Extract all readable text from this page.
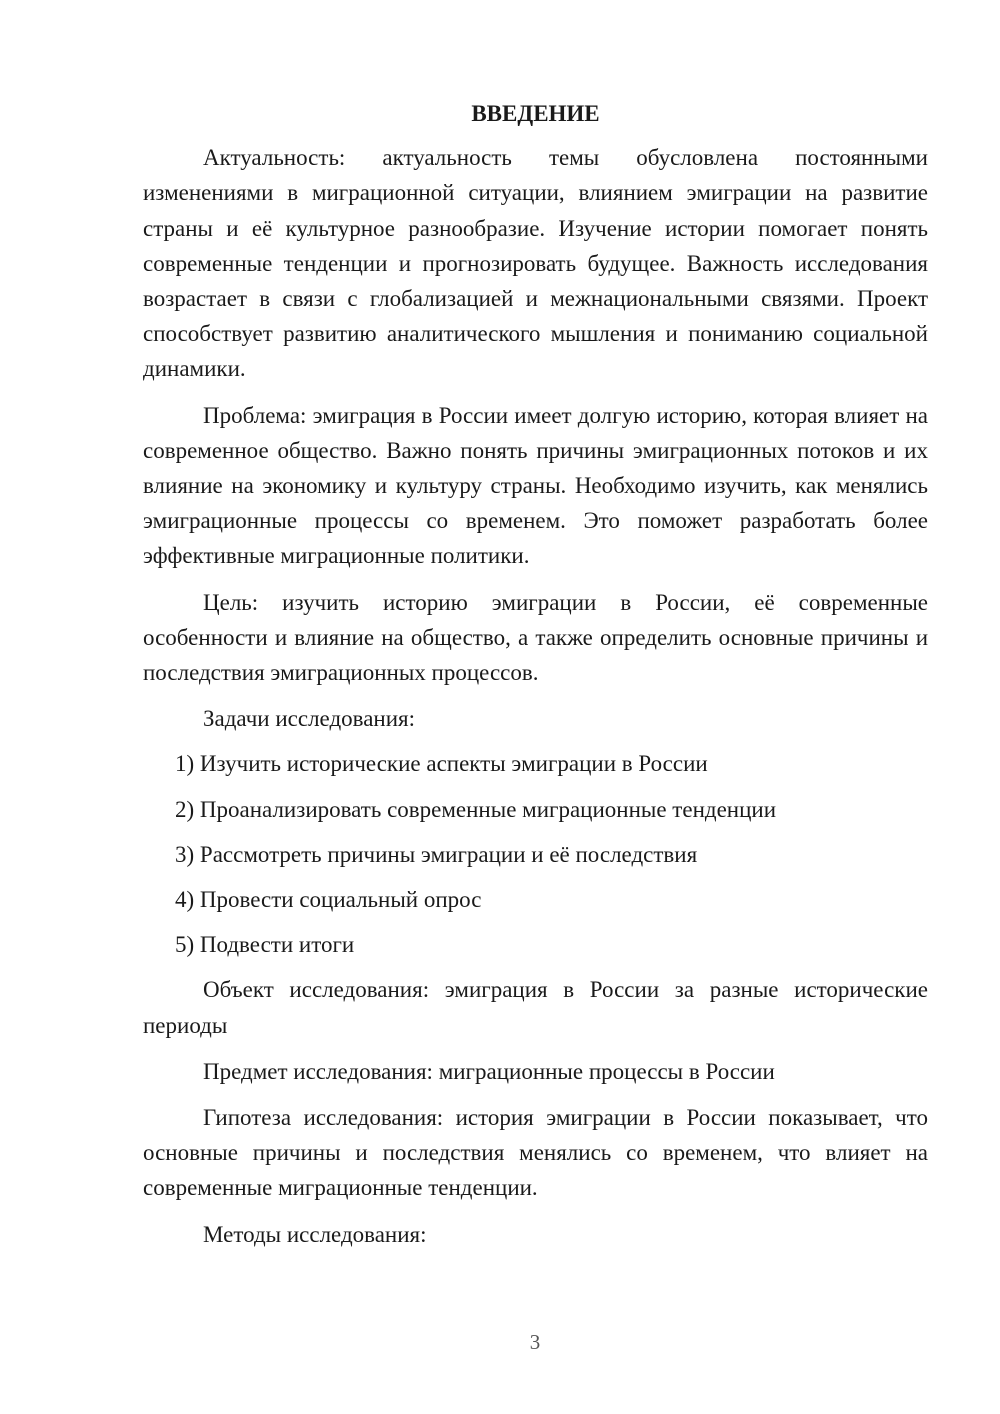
ВВЕДЕНИЕ

Актуальность: актуальность темы обусловлена постоянными изменениями в миграционной ситуации, влиянием эмиграции на развитие страны и её культурное разнообразие. Изучение истории помогает понять современные тенденции и прогнозировать будущее. Важность исследования возрастает в связи с глобализацией и межнациональными связями. Проект способствует развитию аналитического мышления и пониманию социальной динамики.

Проблема: эмиграция в России имеет долгую историю, которая влияет на современное общество. Важно понять причины эмиграционных потоков и их влияние на экономику и культуру страны. Необходимо изучить, как менялись эмиграционные процессы со временем. Это поможет разработать более эффективные миграционные политики.

Цель: изучить историю эмиграции в России, её современные особенности и влияние на общество, а также определить основные причины и последствия эмиграционных процессов.

Задачи исследования:

1) Изучить исторические аспекты эмиграции в России
2) Проанализировать современные миграционные тенденции
3) Рассмотреть причины эмиграции и её последствия
4) Провести социальный опрос
5) Подвести итоги

Объект исследования: эмиграция в России за разные исторические периоды

Предмет исследования: миграционные процессы в России

Гипотеза исследования: история эмиграции в России показывает, что основные причины и последствия менялись со временем, что влияет на современные миграционные тенденции.

Методы исследования:

3
